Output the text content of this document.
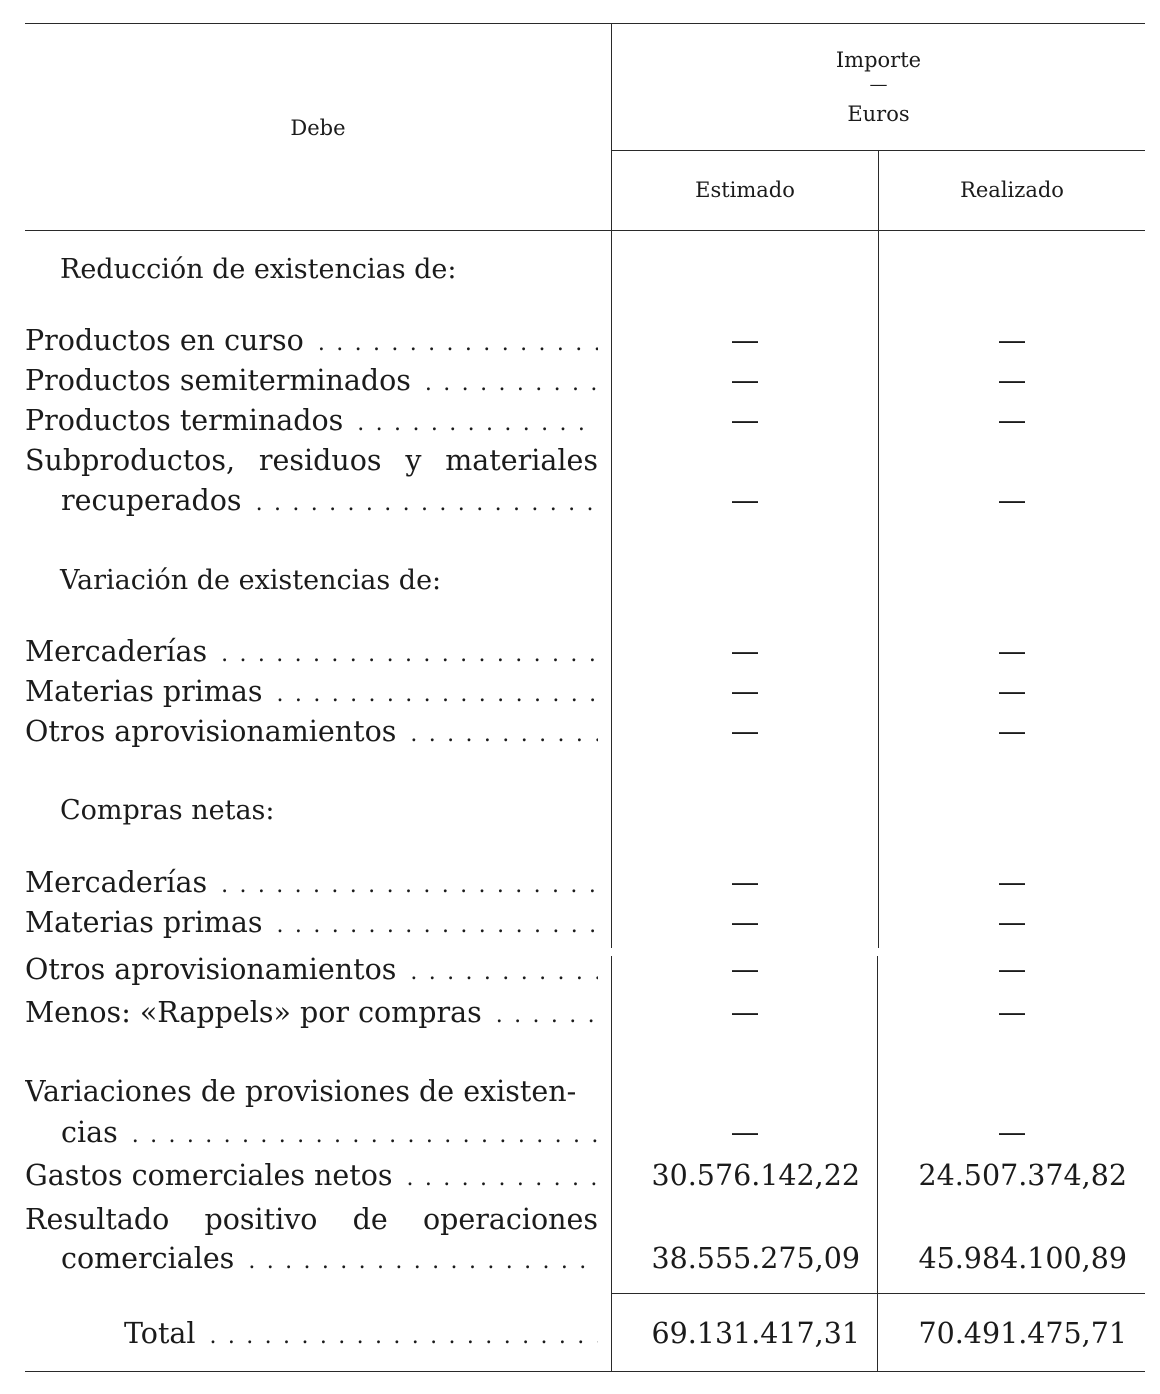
Debe
Importe
—
Euros
Estimado	Realizado
Reducción de existencias de:
Productos en curso . . .	—	—
Productos semiterminados . . .	—	—
Productos terminados . . .	—	—
Subproductos, residuos y materiales
recuperados . . .	—	—
Variación de existencias de:
Mercaderías . . .	—	—
Materias primas . . .	—	—
Otros aprovisionamientos . . .	—	—
Compras netas:
Mercaderías . . .	—	—
Materias primas . . .	—	—
Otros aprovisionamientos . . .	—	—
Menos: «Rappels» por compras . . .	—	—
Variaciones de provisiones de existen-
cias . . .	—	—
Gastos comerciales netos . . .	30.576.142,22	24.507.374,82
Resultado positivo de operaciones
comerciales . . .	38.555.275,09	45.984.100,89
Total . . .	69.131.417,31	70.491.475,71
